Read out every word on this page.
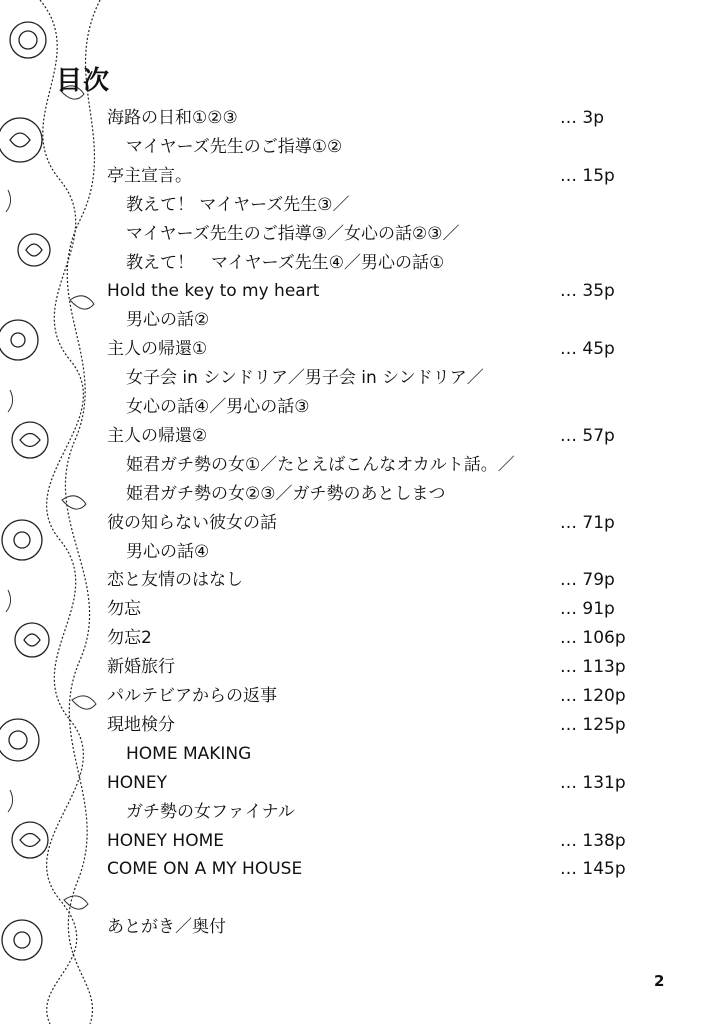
目次
海路の日和①②③	… 3p
マイヤーズ先生のご指導①②
亭主宣言。	… 15p
教えて！ マイヤーズ先生③／
マイヤーズ先生のご指導③／女心の話②③／
教えて！　マイヤーズ先生④／男心の話①
Hold the key to my heart	… 35p
男心の話②
主人の帰還①	… 45p
女子会 in シンドリア／男子会 in シンドリア／
女心の話④／男心の話③
主人の帰還②	… 57p
姫君ガチ勢の女①／たとえばこんなオカルト話。／
姫君ガチ勢の女②③／ガチ勢のあとしまつ
彼の知らない彼女の話	… 71p
男心の話④
恋と友情のはなし	… 79p
勿忘	… 91p
勿忘2	… 106p
新婚旅行	… 113p
パルテビアからの返事	… 120p
現地検分	… 125p
HOME MAKING
HONEY	… 131p
ガチ勢の女ファイナル
HONEY HOME	… 138p
COME ON A MY HOUSE	… 145p
あとがき／奥付
2
